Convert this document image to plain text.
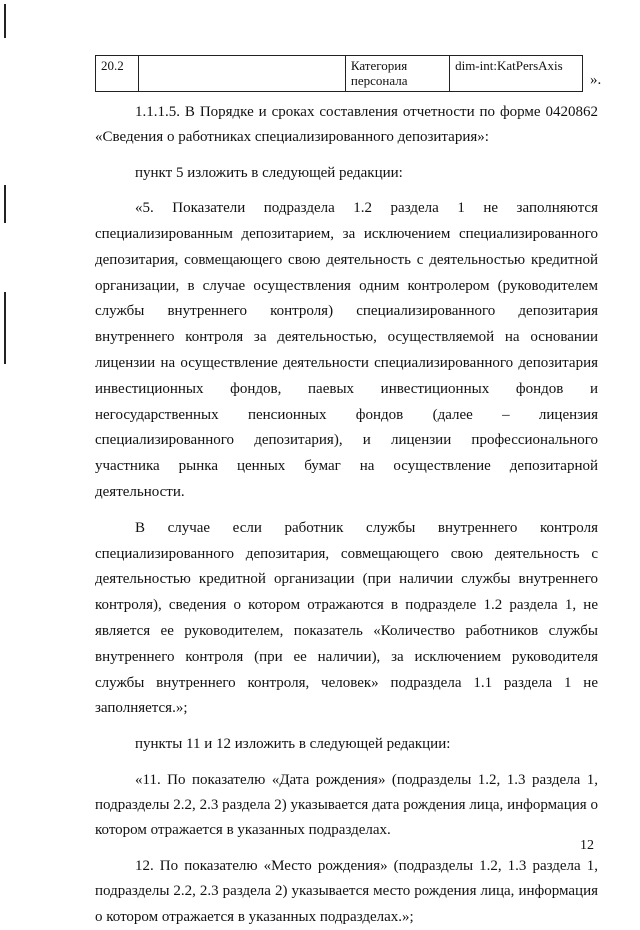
20.2		Категория персонала	dim-int:KatPersAxis
».

1.1.1.5. В Порядке и сроках составления отчетности по форме 0420862 «Сведения о работниках специализированного депозитария»:

пункт 5 изложить в следующей редакции:

«5. Показатели подраздела 1.2 раздела 1 не заполняются специализированным депозитарием, за исключением специализированного депозитария, совмещающего свою деятельность с деятельностью кредитной организации, в случае осуществления одним контролером (руководителем службы внутреннего контроля) специализированного депозитария внутреннего контроля за деятельностью, осуществляемой на основании лицензии на осуществление деятельности специализированного депозитария инвестиционных фондов, паевых инвестиционных фондов и негосударственных пенсионных фондов (далее – лицензия специализированного депозитария), и лицензии профессионального участника рынка ценных бумаг на осуществление депозитарной деятельности.

В случае если работник службы внутреннего контроля специализированного депозитария, совмещающего свою деятельность с деятельностью кредитной организации (при наличии службы внутреннего контроля), сведения о котором отражаются в подразделе 1.2 раздела 1, не является ее руководителем, показатель «Количество работников службы внутреннего контроля (при ее наличии), за исключением руководителя службы внутреннего контроля, человек» подраздела 1.1 раздела 1 не заполняется.»;

пункты 11 и 12 изложить в следующей редакции:

«11. По показателю «Дата рождения» (подразделы 1.2, 1.3 раздела 1, подразделы 2.2, 2.3 раздела 2) указывается дата рождения лица, информация о котором отражается в указанных подразделах.

12. По показателю «Место рождения» (подразделы 1.2, 1.3 раздела 1, подразделы 2.2, 2.3 раздела 2) указывается место рождения лица, информация о котором отражается в указанных подразделах.»;

12
